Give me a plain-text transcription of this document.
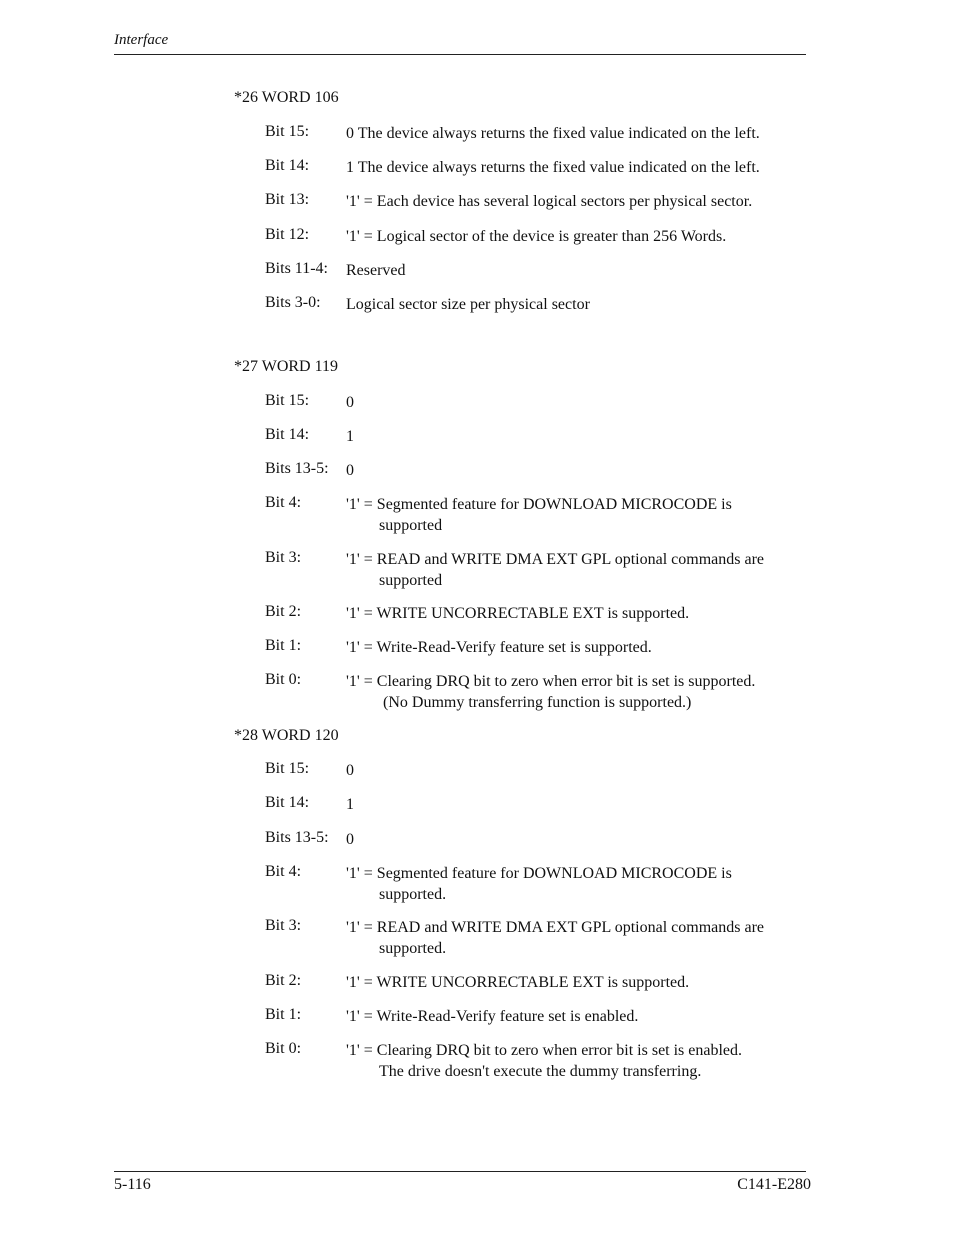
Interface

*26 WORD 106

Bit 15: 0 The device always returns the fixed value indicated on the left.
Bit 14: 1 The device always returns the fixed value indicated on the left.
Bit 13: '1' = Each device has several logical sectors per physical sector.
Bit 12: '1' = Logical sector of the device is greater than 256 Words.
Bits 11-4: Reserved
Bits 3-0: Logical sector size per physical sector

*27 WORD 119

Bit 15: 0
Bit 14: 1
Bits 13-5: 0
Bit 4:	'1' = Segmented feature for DOWNLOAD MICROCODE is
supported
Bit 3:	'1' = READ and WRITE DMA EXT GPL optional commands are
supported
Bit 2:	'1' = WRITE UNCORRECTABLE EXT is supported.
Bit 1:	'1' = Write-Read-Verify feature set is supported.
Bit 0:	'1' = Clearing DRQ bit to zero when error bit is set is supported.
(No Dummy transferring function is supported.)

*28 WORD 120

Bit 15: 0
Bit 14: 1
Bits 13-5: 0
Bit 4:	'1' = Segmented feature for DOWNLOAD MICROCODE is
supported.
Bit 3:	'1' = READ and WRITE DMA EXT GPL optional commands are
supported.
Bit 2:	'1' = WRITE UNCORRECTABLE EXT is supported.
Bit 1:	'1' = Write-Read-Verify feature set is enabled.
Bit 0:	'1' = Clearing DRQ bit to zero when error bit is set is enabled.
The drive doesn't execute the dummy transferring.
5-116	C141-E280
